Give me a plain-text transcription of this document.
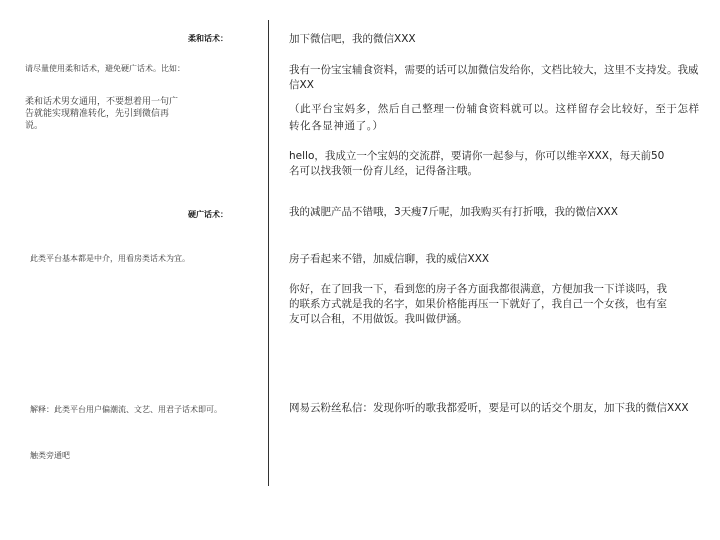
柔和话术：
请尽量使用柔和话术，避免硬广话术。比如：
柔和话术男女通用，不要想着用一句广告就能实现精准转化，先引到微信再说。
硬广话术：
此类平台基本都是中介，用看房类话术为宜。
解释：此类平台用户偏潮流、文艺、用君子话术即可。
触类旁通吧
加下微信吧，我的微信XXX
我有一份宝宝辅食资料，需要的话可以加微信发给你，文档比较大，这里不支持发。我威信XX
（此平台宝妈多，然后自己整理一份辅食资料就可以。这样留存会比较好，至于怎样转化各显神通了。）
hello，我成立一个宝妈的交流群，要请你一起参与，你可以维辛XXX，每天前50名可以找我领一份育儿经，记得备注哦。
我的减肥产品不错哦，3天瘦7斤呢，加我购买有打折哦，我的微信XXX
房子看起来不错，加威信聊，我的威信XXX
你好，在了回我一下，看到您的房子各方面我都很满意，方便加我一下详谈吗，我的联系方式就是我的名字，如果价格能再压一下就好了，我自己一个女孩，也有室友可以合租，不用做饭。我叫做伊涵。
网易云粉丝私信：发现你听的歌我都爱听，要是可以的话交个朋友，加下我的微信XXX
